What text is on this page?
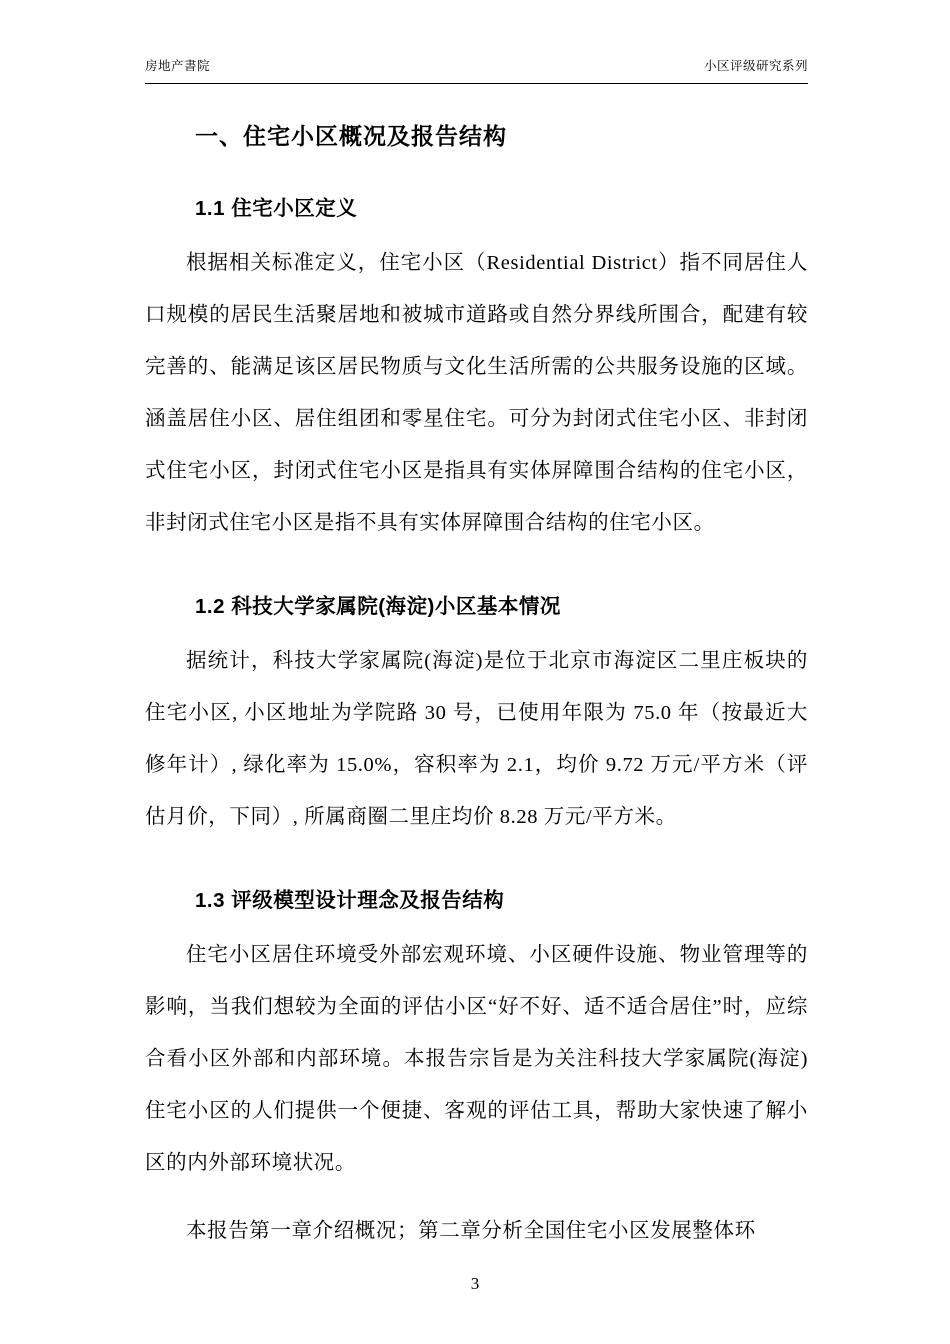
房地产書院	小区评级研究系列
一、住宅小区概况及报告结构
1.1 住宅小区定义

根据相关标准定义，住宅小区（Residential District）指不同居住人口规模的居民生活聚居地和被城市道路或自然分界线所围合，配建有较完善的、能满足该区居民物质与文化生活所需的公共服务设施的区域。涵盖居住小区、居住组团和零星住宅。可分为封闭式住宅小区、非封闭式住宅小区，封闭式住宅小区是指具有实体屏障围合结构的住宅小区，非封闭式住宅小区是指不具有实体屏障围合结构的住宅小区。

1.2 科技大学家属院(海淀)小区基本情况

据统计，科技大学家属院(海淀)是位于北京市海淀区二里庄板块的住宅小区, 小区地址为学院路 30 号，已使用年限为 75.0 年（按最近大修年计）, 绿化率为 15.0%，容积率为 2.1，均价 9.72 万元/平方米（评估月价，下同）, 所属商圈二里庄均价 8.28 万元/平方米。

1.3 评级模型设计理念及报告结构

住宅小区居住环境受外部宏观环境、小区硬件设施、物业管理等的影响，当我们想较为全面的评估小区“好不好、适不适合居住”时，应综合看小区外部和内部环境。本报告宗旨是为关注科技大学家属院(海淀)住宅小区的人们提供一个便捷、客观的评估工具，帮助大家快速了解小区的内外部环境状况。

本报告第一章介绍概况；第二章分析全国住宅小区发展整体环

3
